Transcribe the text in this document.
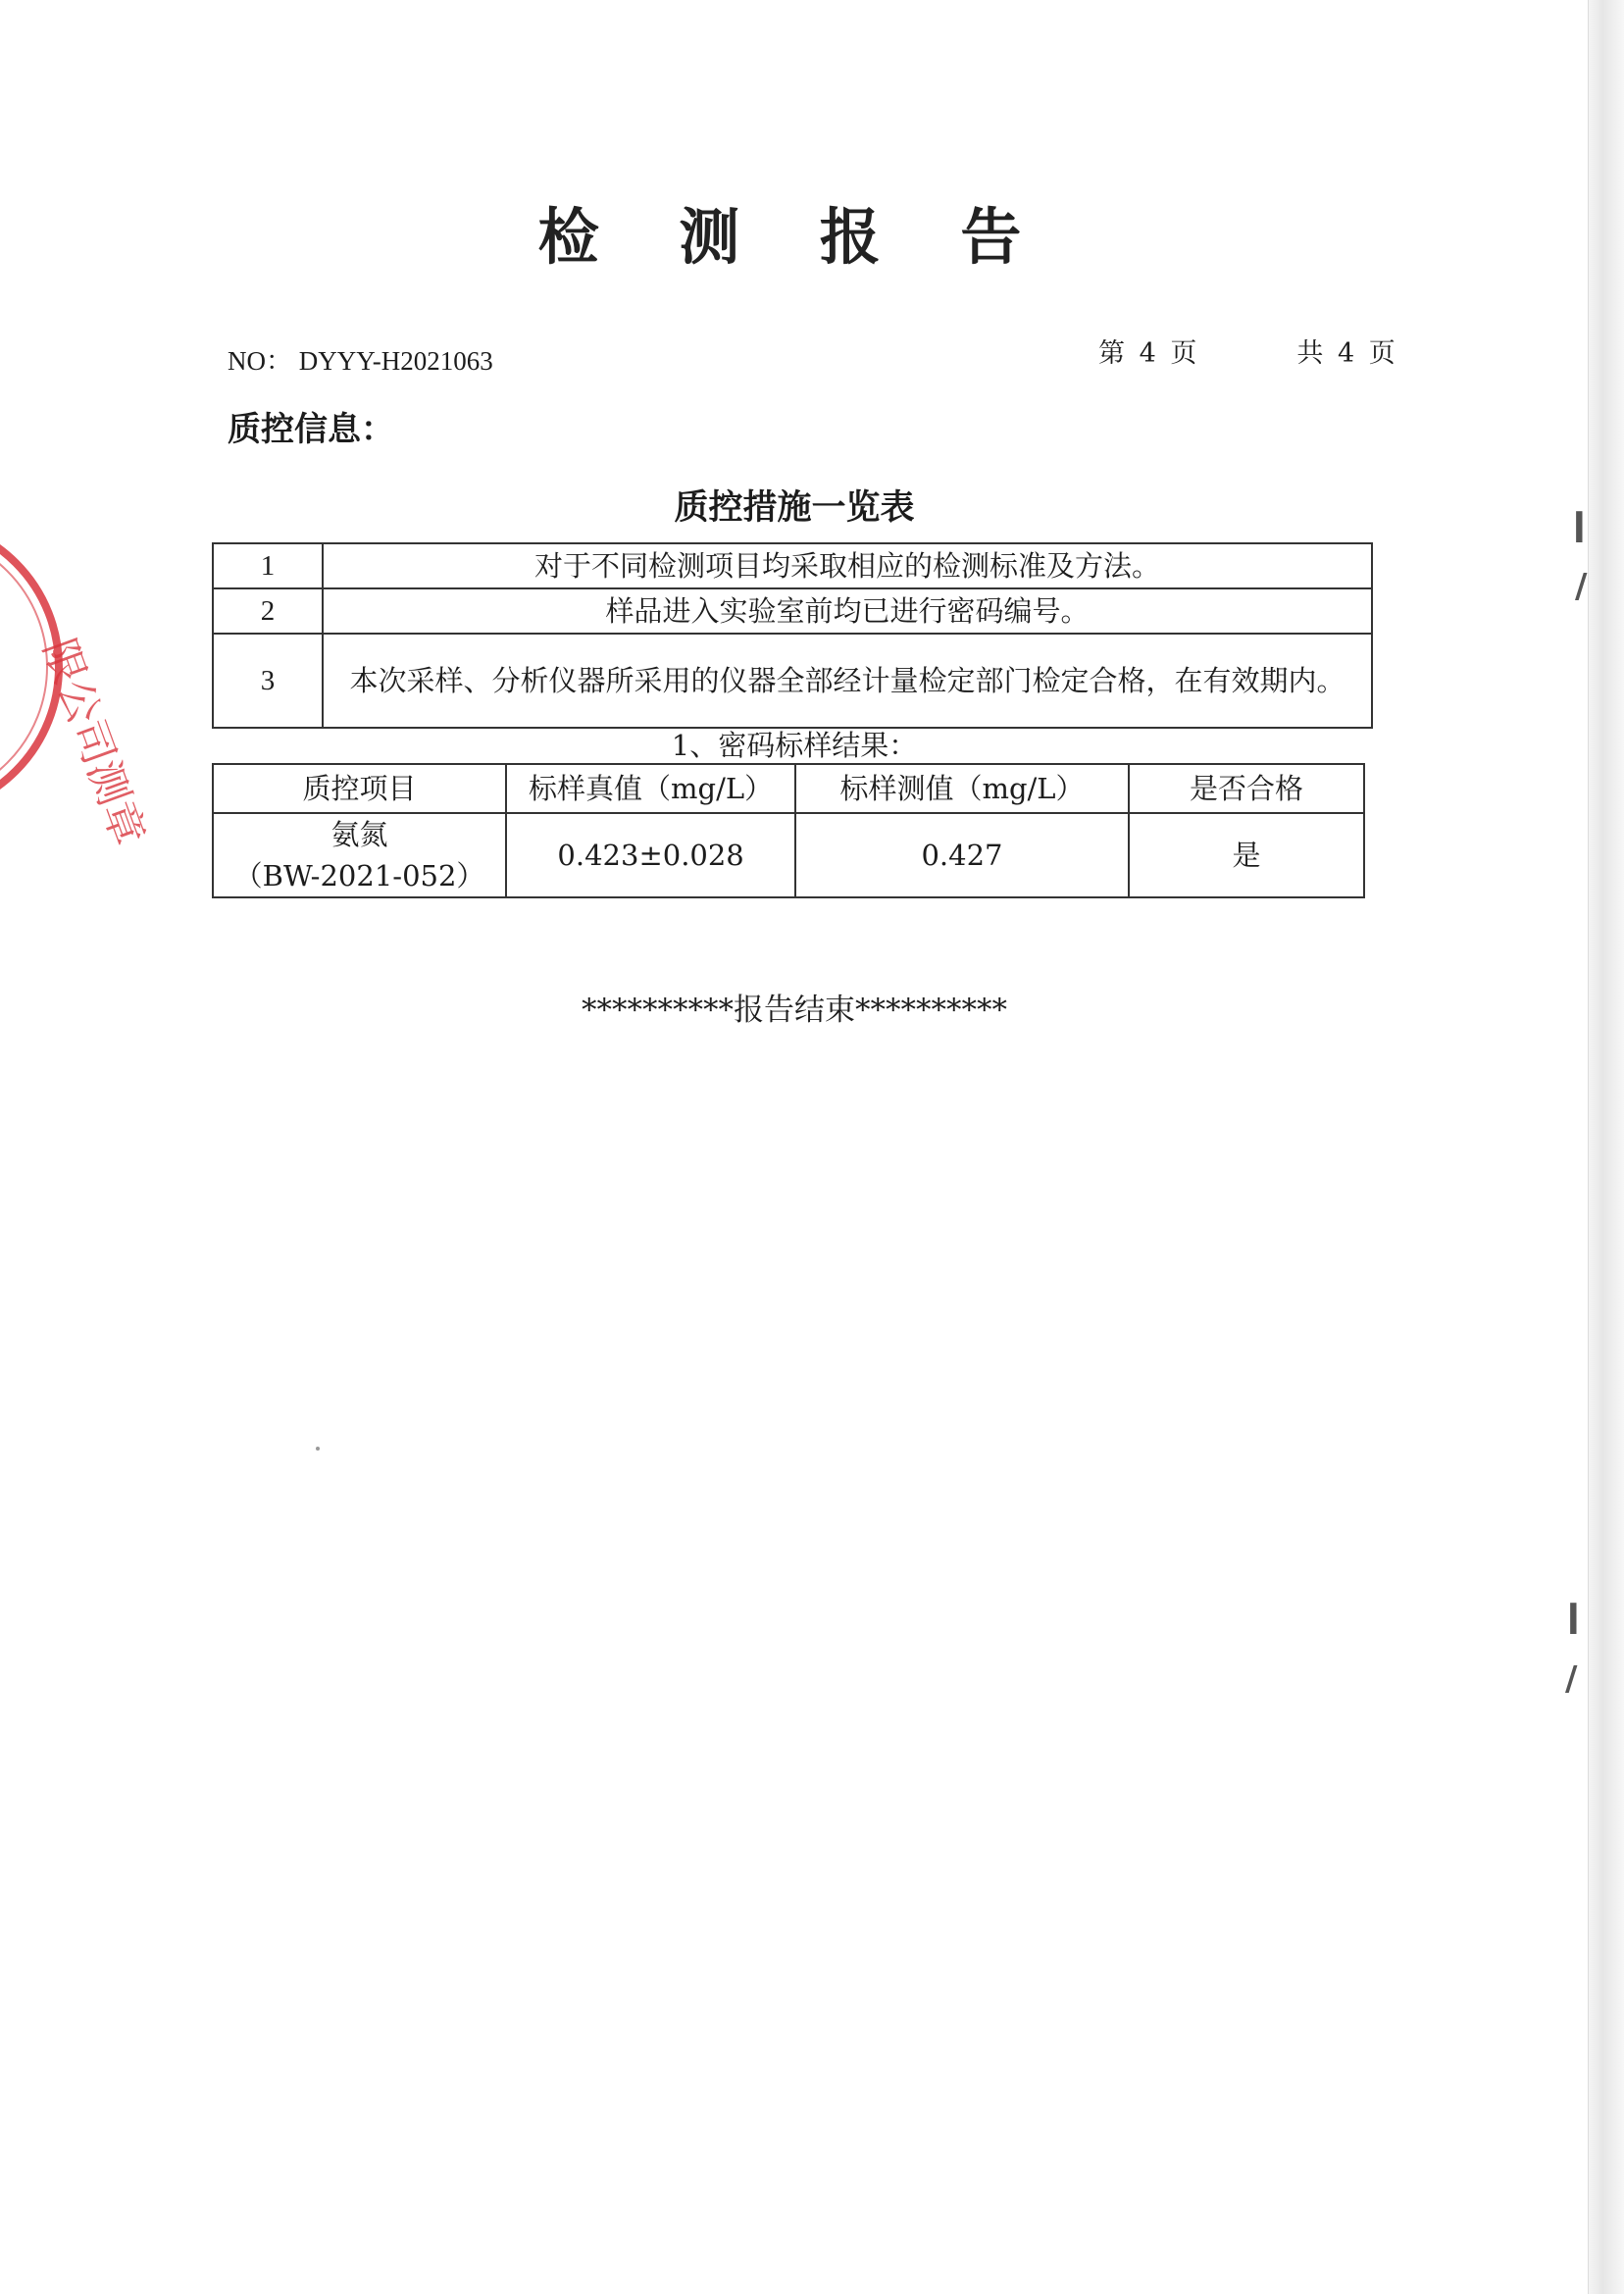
检 测 报 告
NO： DYYY-H2021063	第 4 页	共 4 页
质控信息：
质控措施一览表
1	对于不同检测项目均采取相应的检测标准及方法。
2	样品进入实验室前均已进行密码编号。
3	本次采样、分析仪器所采用的仪器全部经计量检定部门检定合格，在有效期内。
1、密码标样结果：
质控项目	标样真值（mg/L）	标样测值（mg/L）	是否合格

氨氮
（BW-2021-052）	0.423±0.028	0.427	是
**********报告结束**********
限公司测章
ǀ
/
ǀ
/
